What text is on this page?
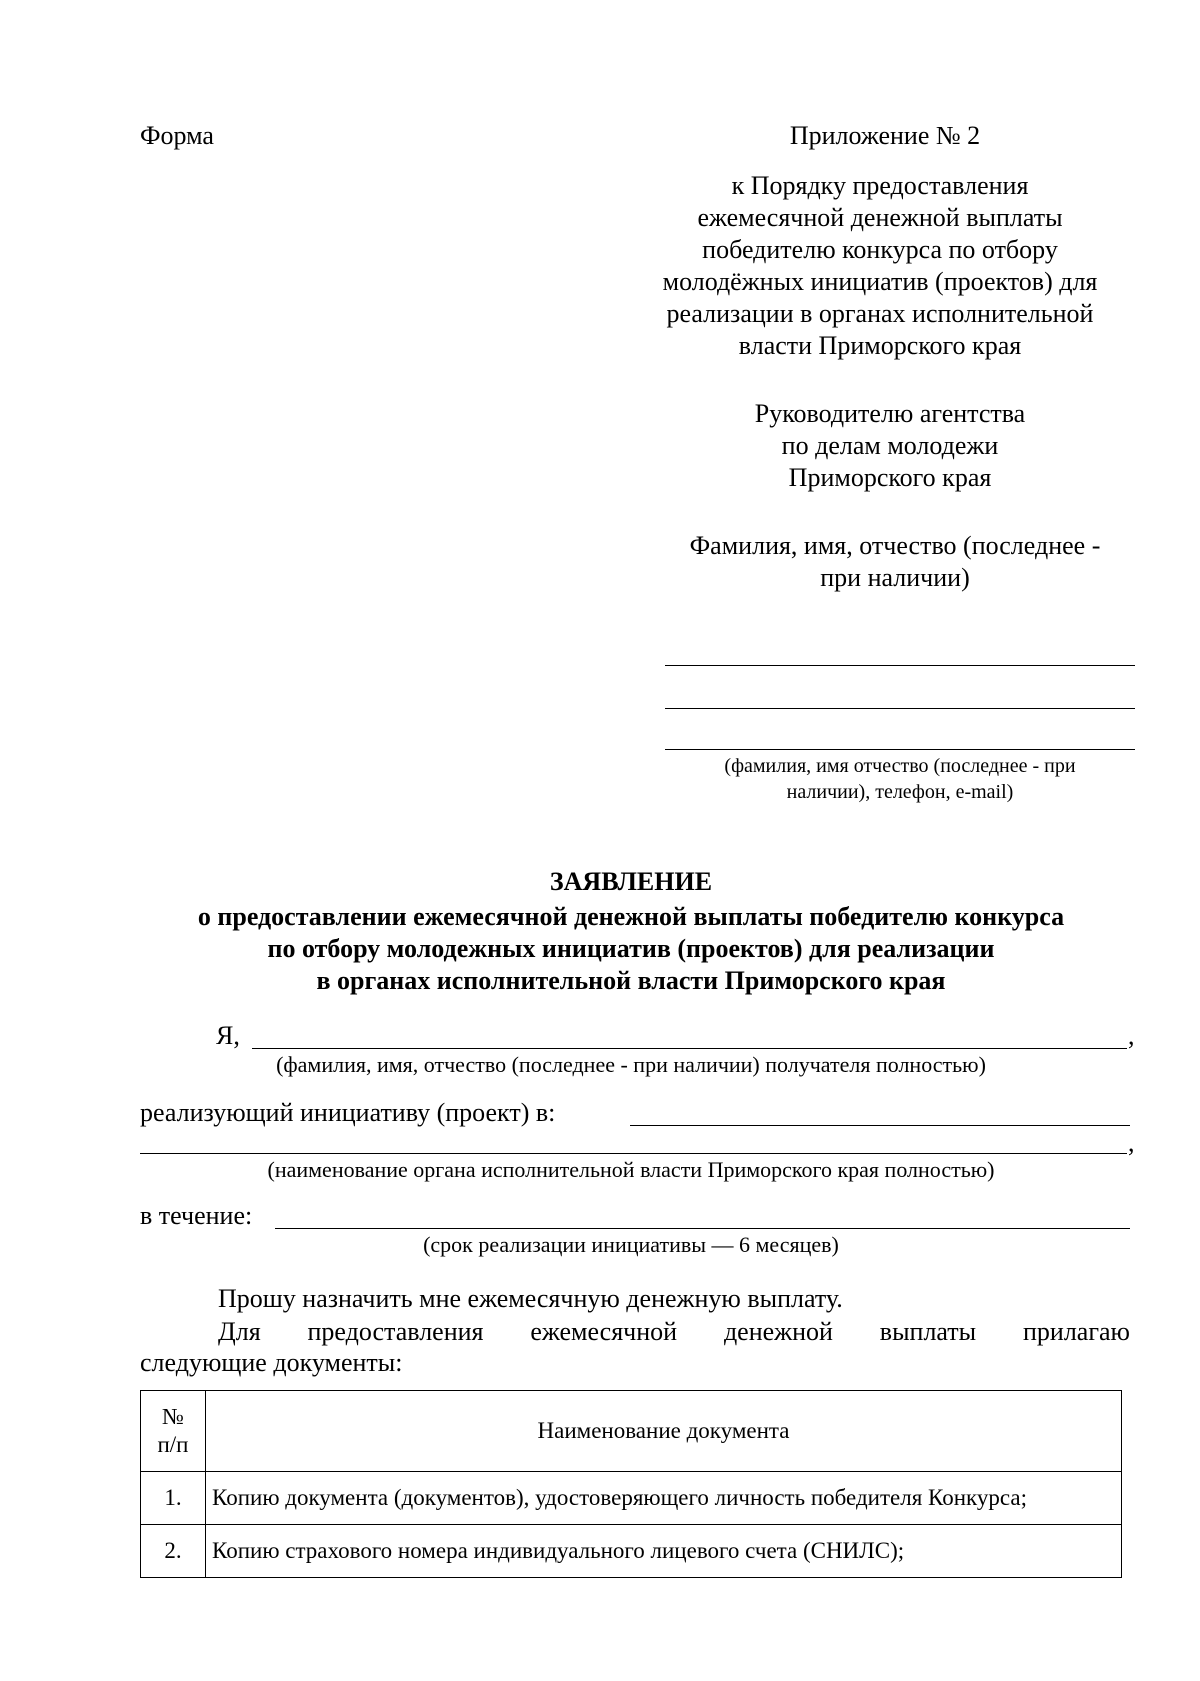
Форма	Приложение № 2
к Порядку предоставления
ежемесячной денежной выплаты
победителю конкурса по отбору
молодёжных инициатив (проектов) для
реализации в органах исполнительной
власти Приморского края
Руководителю агентства
по делам молодежи
Приморского края
Фамилия, имя, отчество (последнее -
при наличии)
(фамилия, имя отчество (последнее - при
наличии), телефон, e-mail)
ЗАЯВЛЕНИЕ
о предоставлении ежемесячной денежной выплаты победителю конкурса
по отбору молодежных инициатив (проектов) для реализации
в органах исполнительной власти Приморского края
Я,	,
(фамилия, имя, отчество (последнее - при наличии) получателя полностью)
реализующий инициативу (проект) в:
,
(наименование органа исполнительной власти Приморского края полностью)
в течение:
(срок реализации инициативы — 6 месяцев)
Прошу назначить мне ежемесячную денежную выплату.
Для предоставления ежемесячной денежной выплаты прилагаю
следующие документы:
№
п/п	Наименование документа
1.	Копию документа (документов), удостоверяющего личность победителя Конкурса;
2.	Копию страхового номера индивидуального лицевого счета (СНИЛС);
